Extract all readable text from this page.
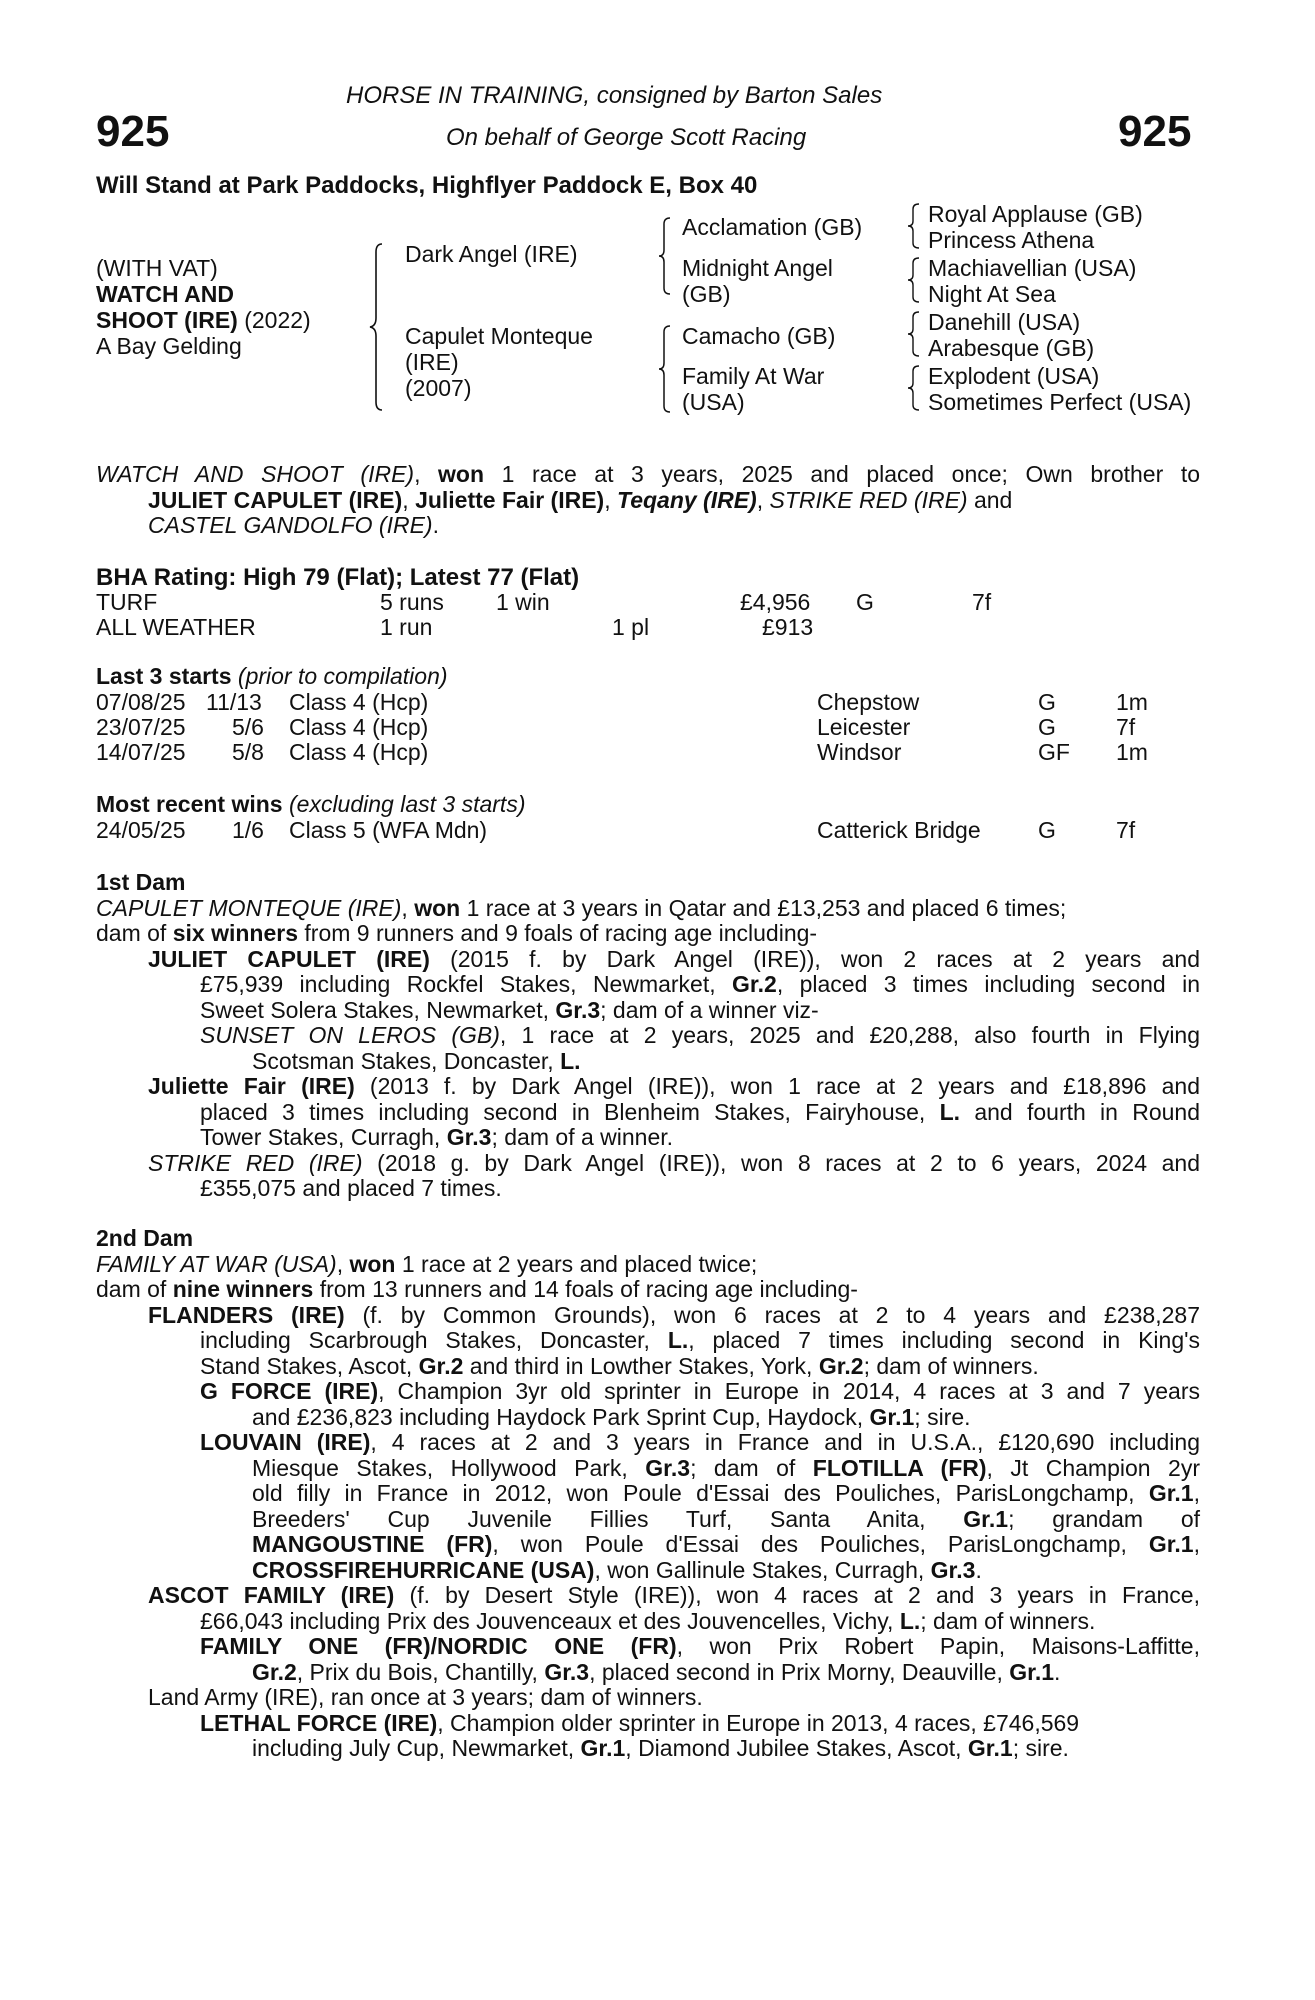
925	925
HORSE IN TRAINING, consigned by Barton Sales
On behalf of George Scott Racing
Will Stand at Park Paddocks, Highflyer Paddock E, Box 40
(WITH VAT)
WATCH AND
SHOOT (IRE) (2022)
A Bay Gelding
Dark Angel (IRE)
Capulet Monteque
(IRE)
(2007)
Acclamation (GB)
Midnight Angel
(GB)
Camacho (GB)
Family At War
(USA)
Royal Applause (GB)
Princess Athena
Machiavellian (USA)
Night At Sea
Danehill (USA)
Arabesque (GB)
Explodent (USA)
Sometimes Perfect (USA)
WATCH AND SHOOT (IRE), won 1 race at 3 years, 2025 and placed once; Own brother to
JULIET CAPULET (IRE), Juliette Fair (IRE), Teqany (IRE), STRIKE RED (IRE) and
CASTEL GANDOLFO (IRE).
BHA Rating: High 79 (Flat); Latest 77 (Flat)
TURF	5 runs 1 win	£4,956 G	7f
ALL WEATHER	1 run	1 pl	£913
Last 3 starts (prior to compilation)
07/08/25 11/13 Class 4 (Hcp)	Chepstow	G	1m
23/07/25 5/6 Class 4 (Hcp)	Leicester	G	7f
14/07/25 5/8 Class 4 (Hcp)	Windsor	GF 1m
Most recent wins (excluding last 3 starts)
24/05/25 1/6 Class 5 (WFA Mdn)	Catterick Bridge G	7f
1st Dam
CAPULET MONTEQUE (IRE), won 1 race at 3 years in Qatar and £13,253 and placed 6 times;
dam of six winners from 9 runners and 9 foals of racing age including-
JULIET CAPULET (IRE) (2015 f. by Dark Angel (IRE)), won 2 races at 2 years and
£75,939 including Rockfel Stakes, Newmarket, Gr.2, placed 3 times including second in
Sweet Solera Stakes, Newmarket, Gr.3; dam of a winner viz-
SUNSET ON LEROS (GB), 1 race at 2 years, 2025 and £20,288, also fourth in Flying
Scotsman Stakes, Doncaster, L.
Juliette Fair (IRE) (2013 f. by Dark Angel (IRE)), won 1 race at 2 years and £18,896 and
placed 3 times including second in Blenheim Stakes, Fairyhouse, L. and fourth in Round
Tower Stakes, Curragh, Gr.3; dam of a winner.
STRIKE RED (IRE) (2018 g. by Dark Angel (IRE)), won 8 races at 2 to 6 years, 2024 and
£355,075 and placed 7 times.
2nd Dam
FAMILY AT WAR (USA), won 1 race at 2 years and placed twice;
dam of nine winners from 13 runners and 14 foals of racing age including-
FLANDERS (IRE) (f. by Common Grounds), won 6 races at 2 to 4 years and £238,287
including Scarbrough Stakes, Doncaster, L., placed 7 times including second in King's
Stand Stakes, Ascot, Gr.2 and third in Lowther Stakes, York, Gr.2; dam of winners.
G FORCE (IRE), Champion 3yr old sprinter in Europe in 2014, 4 races at 3 and 7 years
and £236,823 including Haydock Park Sprint Cup, Haydock, Gr.1; sire.
LOUVAIN (IRE), 4 races at 2 and 3 years in France and in U.S.A., £120,690 including
Miesque Stakes, Hollywood Park, Gr.3; dam of FLOTILLA (FR), Jt Champion 2yr
old filly in France in 2012, won Poule d'Essai des Pouliches, ParisLongchamp, Gr.1,
Breeders' Cup Juvenile Fillies Turf, Santa Anita, Gr.1; grandam of
MANGOUSTINE (FR), won Poule d'Essai des Pouliches, ParisLongchamp, Gr.1,
CROSSFIREHURRICANE (USA), won Gallinule Stakes, Curragh, Gr.3.
ASCOT FAMILY (IRE) (f. by Desert Style (IRE)), won 4 races at 2 and 3 years in France,
£66,043 including Prix des Jouvenceaux et des Jouvencelles, Vichy, L.; dam of winners.
FAMILY ONE (FR)/NORDIC ONE (FR), won Prix Robert Papin, Maisons-Laffitte,
Gr.2, Prix du Bois, Chantilly, Gr.3, placed second in Prix Morny, Deauville, Gr.1.
Land Army (IRE), ran once at 3 years; dam of winners.
LETHAL FORCE (IRE), Champion older sprinter in Europe in 2013, 4 races, £746,569
including July Cup, Newmarket, Gr.1, Diamond Jubilee Stakes, Ascot, Gr.1; sire.
